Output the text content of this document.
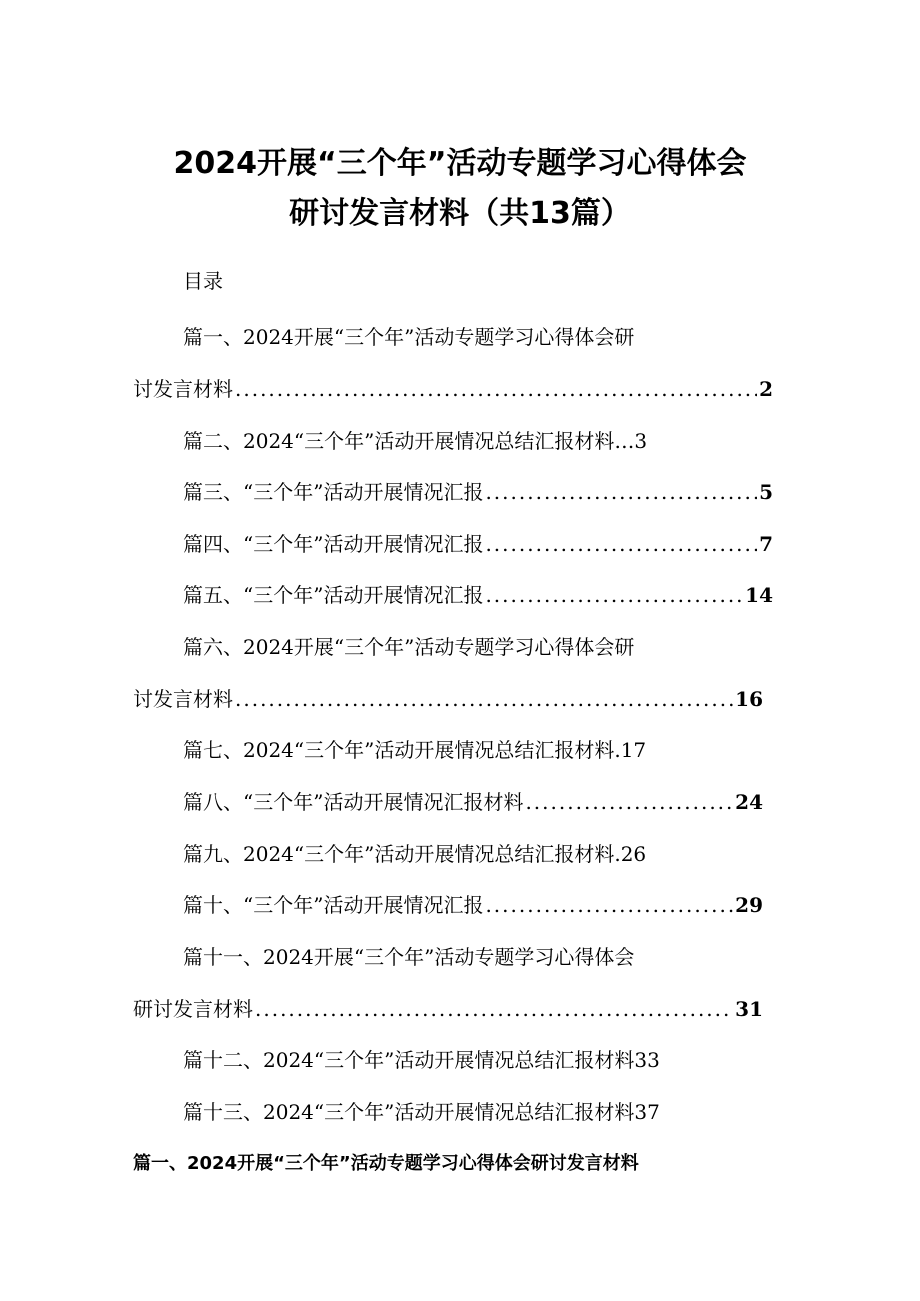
2024开展“三个年”活动专题学习心得体会
研讨发言材料（共13篇）
目录
篇一、2024开展“三个年”活动专题学习心得体会研
讨发言材料 .....	2
篇二、2024“三个年”活动开展情况总结汇报材料…3
篇三、“三个年”活动开展情况汇报 .....	5
篇四、“三个年”活动开展情况汇报 .....	7
篇五、“三个年”活动开展情况汇报 .....	14
篇六、2024开展“三个年”活动专题学习心得体会研
讨发言材料 .....	16
篇七、2024“三个年”活动开展情况总结汇报材料.17
篇八、“三个年”活动开展情况汇报材料 .....	24
篇九、2024“三个年”活动开展情况总结汇报材料.26
篇十、“三个年”活动开展情况汇报 .....	29
篇十一、2024开展“三个年”活动专题学习心得体会
研讨发言材料 .....	31
篇十二、2024“三个年”活动开展情况总结汇报材料33
篇十三、2024“三个年”活动开展情况总结汇报材料37
篇一、2024开展“三个年”活动专题学习心得体会研讨发言材料
